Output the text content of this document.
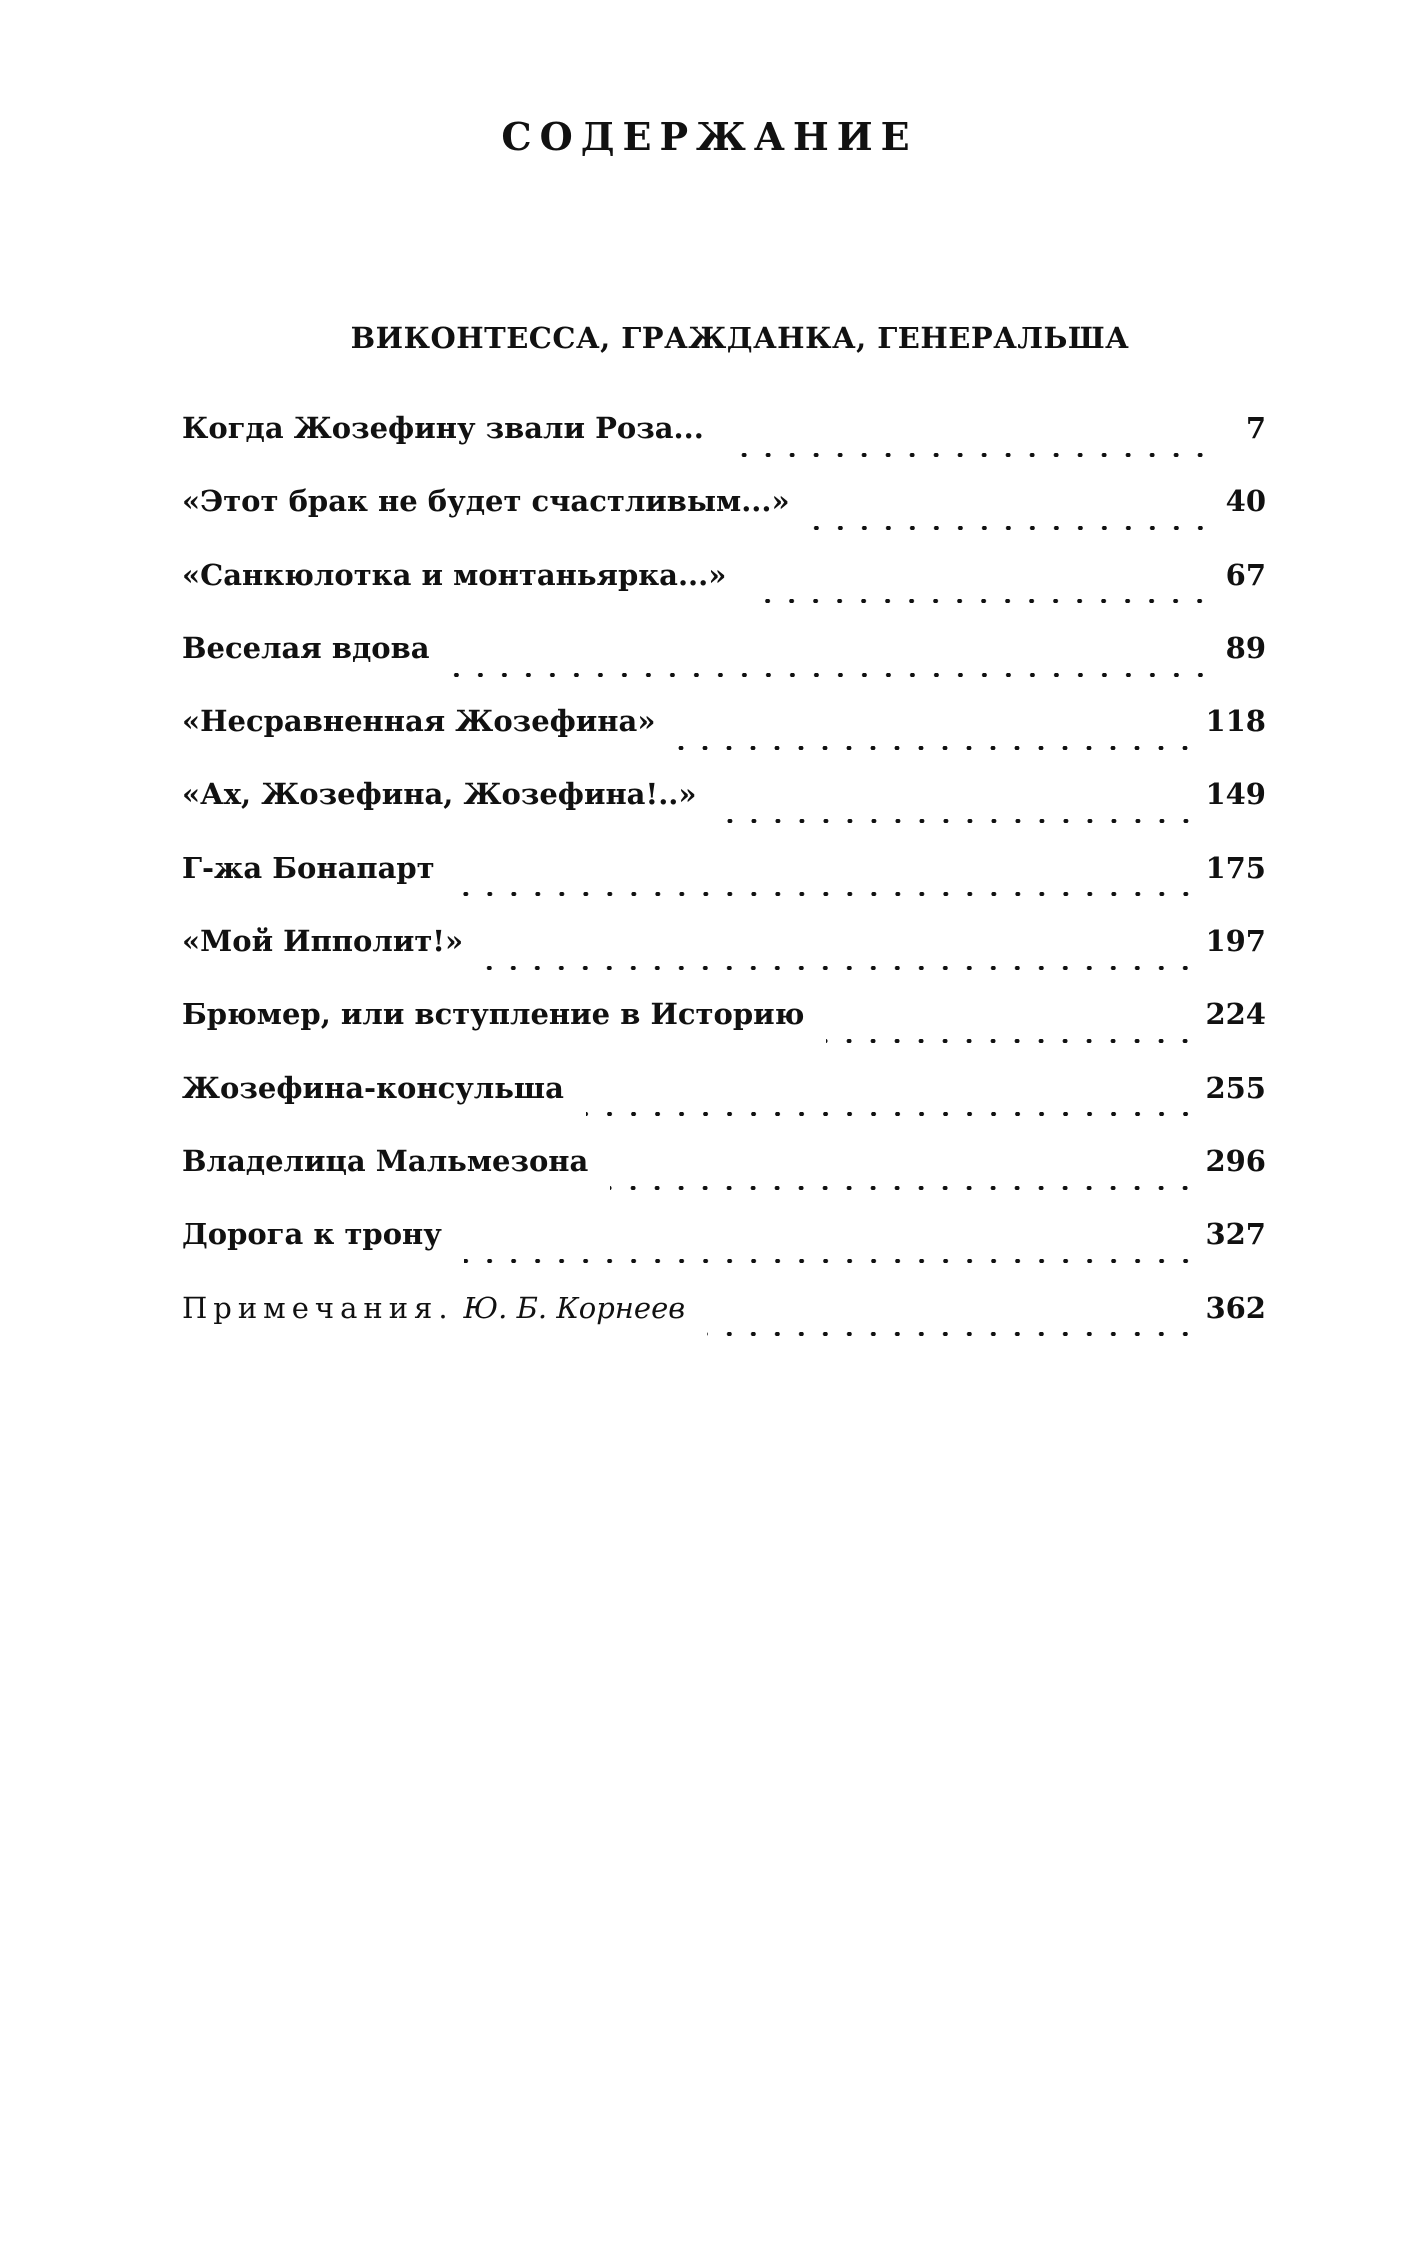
СОДЕРЖАНИЕ
ВИКОНТЕССА, ГРАЖДАНКА, ГЕНЕРАЛЬША
Когда Жозефину звали Роза...	7
«Этот брак не будет счастливым...»	40
«Санкюлотка и монтаньярка...»	67
Веселая вдова	89
«Несравненная Жозефина»	118
«Ах, Жозефина, Жозефина!..»	149
Г-жа Бонапарт	175
«Мой Ипполит!»	197
Брюмер, или вступление в Историю	224
Жозефина-консульша	255
Владелица Мальмезона	296
Дорога к трону	327
Примечания. Ю. Б. Корнеев	362
